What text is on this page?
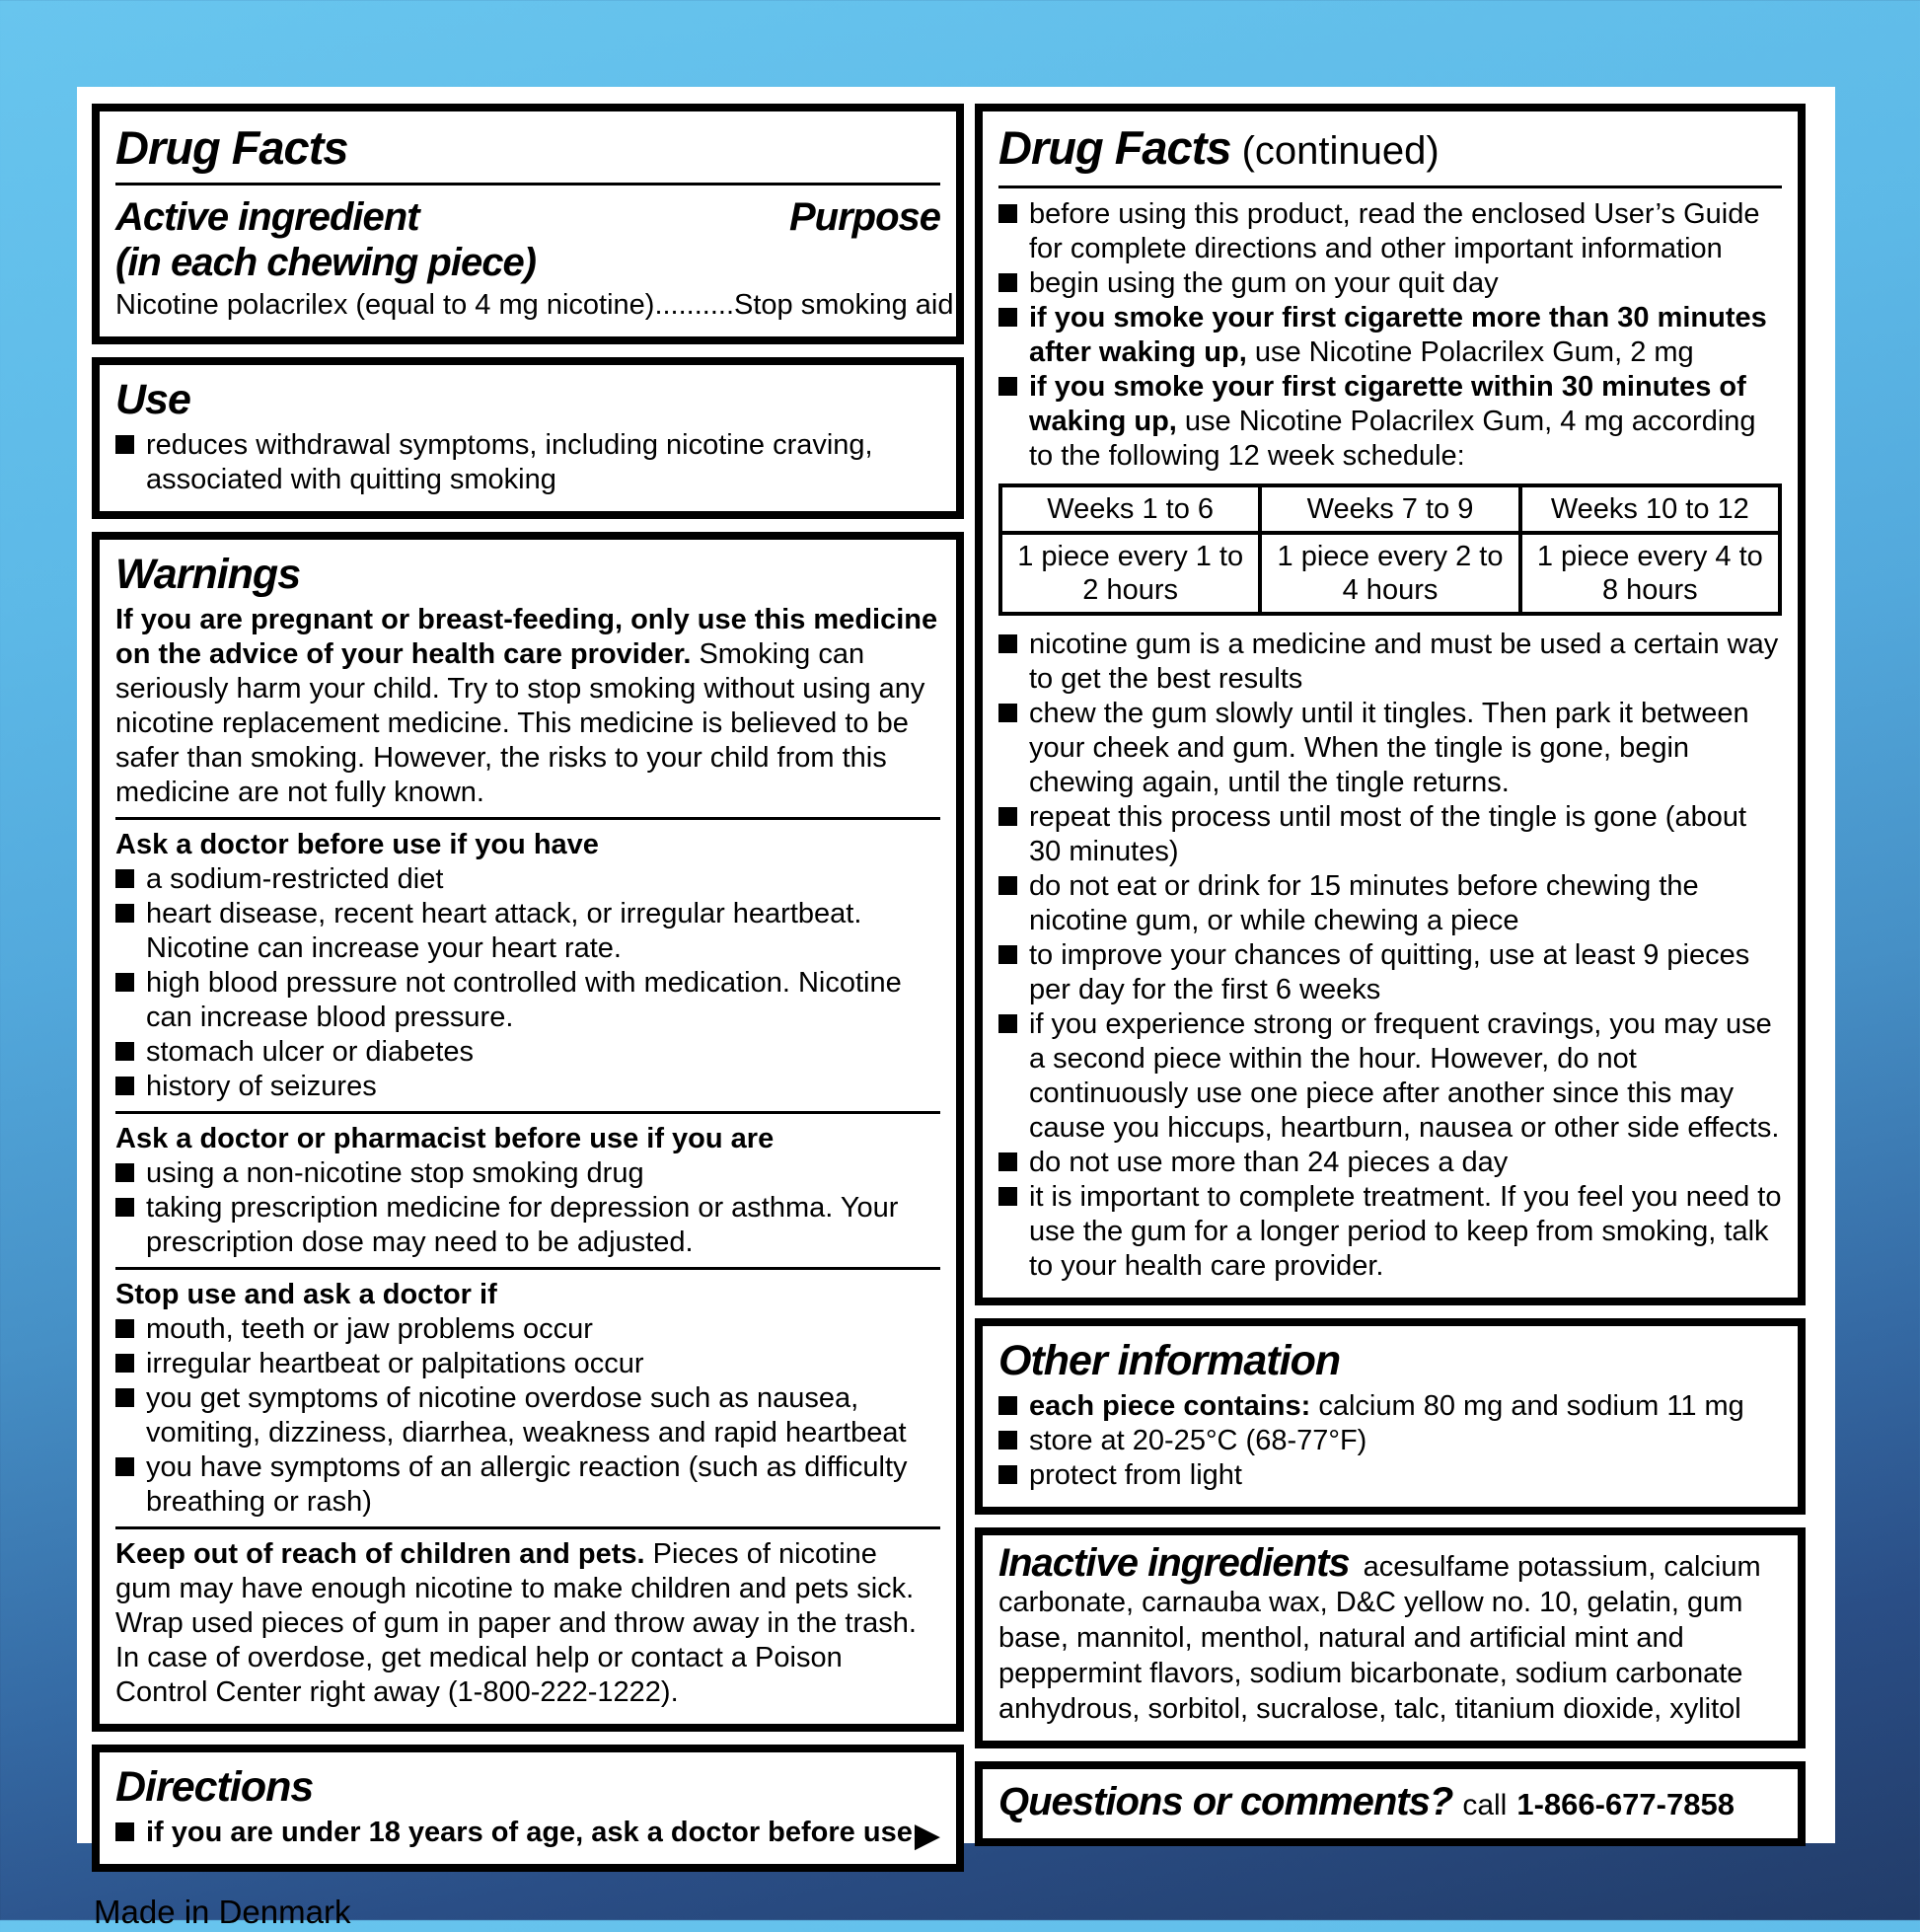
Drug Facts
Active ingredient
(in each chewing piece)
Purpose
Nicotine polacrilex (equal to 4 mg nicotine)..........Stop smoking aid
Use
reduces withdrawal symptoms, including nicotine craving, associated with quitting smoking
Warnings
If you are pregnant or breast-feeding, only use this medicine on the advice of your health care provider. Smoking can seriously harm your child. Try to stop smoking without using any nicotine replacement medicine. This medicine is believed to be safer than smoking. However, the risks to your child from this medicine are not fully known.
Ask a doctor before use if you have
a sodium-restricted diet
heart disease, recent heart attack, or irregular heartbeat. Nicotine can increase your heart rate.
high blood pressure not controlled with medication. Nicotine can increase blood pressure.
stomach ulcer or diabetes
history of seizures
Ask a doctor or pharmacist before use if you are
using a non-nicotine stop smoking drug
taking prescription medicine for depression or asthma. Your prescription dose may need to be adjusted.
Stop use and ask a doctor if
mouth, teeth or jaw problems occur
irregular heartbeat or palpitations occur
you get symptoms of nicotine overdose such as nausea, vomiting, dizziness, diarrhea, weakness and rapid heartbeat
you have symptoms of an allergic reaction (such as difficulty breathing or rash)
Keep out of reach of children and pets. Pieces of nicotine gum may have enough nicotine to make children and pets sick. Wrap used pieces of gum in paper and throw away in the trash. In case of overdose, get medical help or contact a Poison Control Center right away (1-800-222-1222).
Directions
if you are under 18 years of age, ask a doctor before use ▶
Made in Denmark
Drug Facts (continued)
before using this product, read the enclosed User’s Guide for complete directions and other important information
begin using the gum on your quit day
if you smoke your first cigarette more than 30 minutes after waking up, use Nicotine Polacrilex Gum, 2 mg
if you smoke your first cigarette within 30 minutes of waking up, use Nicotine Polacrilex Gum, 4 mg according to the following 12 week schedule:
Weeks 1 to 6	Weeks 7 to 9	Weeks 10 to 12
1 piece every 1 to 2 hours	1 piece every 2 to 4 hours	1 piece every 4 to 8 hours
nicotine gum is a medicine and must be used a certain way to get the best results
chew the gum slowly until it tingles. Then park it between your cheek and gum. When the tingle is gone, begin chewing again, until the tingle returns.
repeat this process until most of the tingle is gone (about 30 minutes)
do not eat or drink for 15 minutes before chewing the nicotine gum, or while chewing a piece
to improve your chances of quitting, use at least 9 pieces per day for the first 6 weeks
if you experience strong or frequent cravings, you may use a second piece within the hour. However, do not continuously use one piece after another since this may cause you hiccups, heartburn, nausea or other side effects.
do not use more than 24 pieces a day
it is important to complete treatment. If you feel you need to use the gum for a longer period to keep from smoking, talk to your health care provider.
Other information
each piece contains: calcium 80 mg and sodium 11 mg
store at 20-25°C (68-77°F)
protect from light
Inactive ingredients acesulfame potassium, calcium carbonate, carnauba wax, D&C yellow no. 10, gelatin, gum base, mannitol, menthol, natural and artificial mint and peppermint flavors, sodium bicarbonate, sodium carbonate anhydrous, sorbitol, sucralose, talc, titanium dioxide, xylitol
Questions or comments? call 1-866-677-7858
